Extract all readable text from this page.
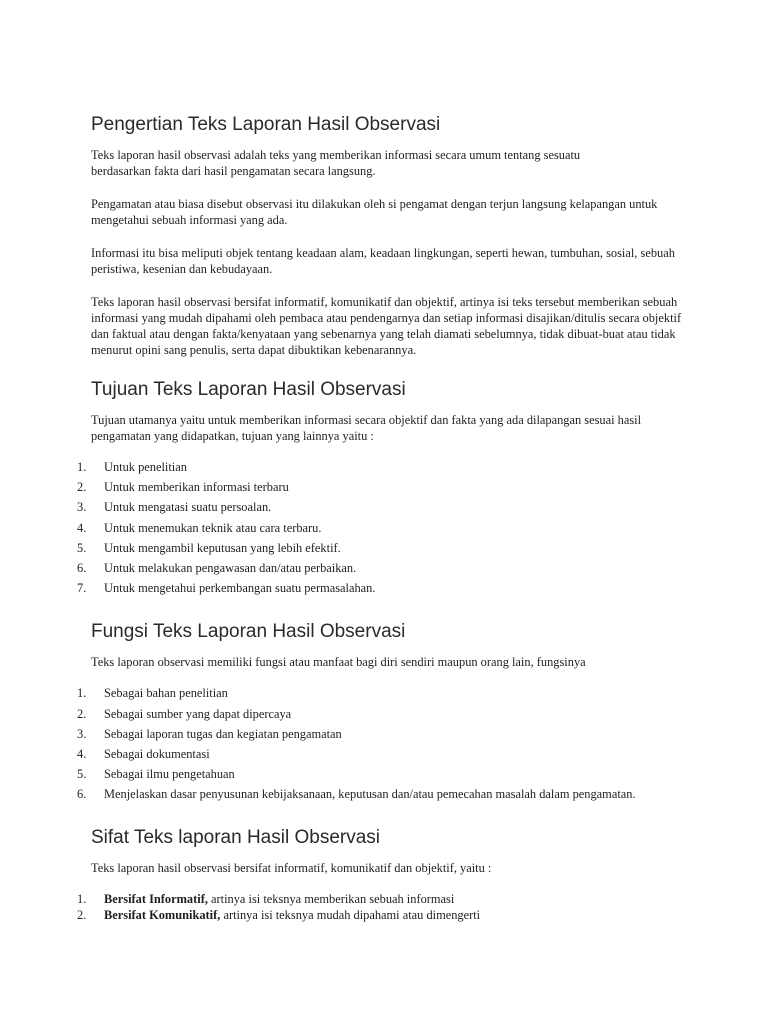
Pengertian Teks Laporan Hasil Observasi

Teks laporan hasil observasi adalah teks yang memberikan informasi secara umum tentang sesuatu berdasarkan fakta dari hasil pengamatan secara langsung.

Pengamatan atau biasa disebut observasi itu dilakukan oleh si pengamat dengan terjun langsung kelapangan untuk mengetahui sebuah informasi yang ada.

Informasi itu bisa meliputi objek tentang keadaan alam, keadaan lingkungan, seperti hewan, tumbuhan, sosial, sebuah peristiwa, kesenian dan kebudayaan.

Teks laporan hasil observasi bersifat informatif, komunikatif dan objektif, artinya isi teks tersebut memberikan sebuah informasi yang mudah dipahami oleh pembaca atau pendengarnya dan setiap informasi disajikan/ditulis secara objektif dan faktual atau dengan fakta/kenyataan yang sebenarnya yang telah diamati sebelumnya, tidak dibuat-buat atau tidak menurut opini sang penulis, serta dapat dibuktikan kebenarannya.

Tujuan Teks Laporan Hasil Observasi

Tujuan utamanya yaitu untuk memberikan informasi secara objektif dan fakta yang ada dilapangan sesuai hasil pengamatan yang didapatkan, tujuan yang lainnya yaitu :

1.	Untuk penelitian
2.	Untuk memberikan informasi terbaru
3.	Untuk mengatasi suatu persoalan.
4.	Untuk menemukan teknik atau cara terbaru.
5.	Untuk mengambil keputusan yang lebih efektif.
6.	Untuk melakukan pengawasan dan/atau perbaikan.
7.	Untuk mengetahui perkembangan suatu permasalahan.
Fungsi Teks Laporan Hasil Observasi

Teks laporan observasi memiliki fungsi atau manfaat bagi diri sendiri maupun orang lain, fungsinya

1.	Sebagai bahan penelitian
2.	Sebagai sumber yang dapat dipercaya
3.	Sebagai laporan tugas dan kegiatan pengamatan
4.	Sebagai dokumentasi
5.	Sebagai ilmu pengetahuan
6.	Menjelaskan dasar penyusunan kebijaksanaan, keputusan dan/atau pemecahan masalah dalam pengamatan.
Sifat Teks laporan Hasil Observasi

Teks laporan hasil observasi bersifat informatif, komunikatif dan objektif, yaitu :

1.	Bersifat Informatif, artinya isi teksnya memberikan sebuah informasi
2.	Bersifat Komunikatif, artinya isi teksnya mudah dipahami atau dimengerti
